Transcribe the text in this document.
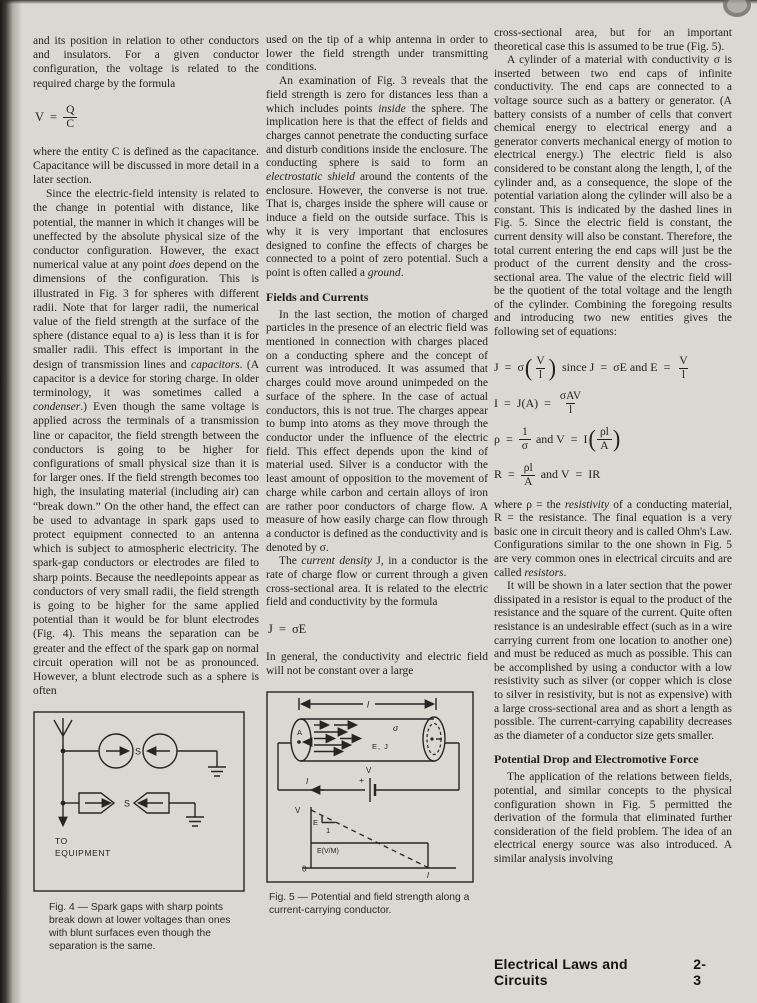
and its position in relation to other conductors and insulators. For a given conductor configuration, the voltage is related to the required charge by the formula

$V = \frac{Q}{C}$

where the entity C is defined as the capacitance. Capacitance will be discussed in more detail in a later section.

Since the electric-field intensity is related to the change in potential with distance, like potential, the manner in which it changes will be uneffected by the absolute physical size of the conductor configuration. However, the exact numerical value at any point does depend on the dimensions of the configuration. This is illustrated in Fig. 3 for spheres with different radii. Note that for larger radii, the numerical value of the field strength at the surface of the sphere (distance equal to a) is less than it is for smaller radii. This effect is important in the design of transmission lines and capacitors. (A capacitor is a device for storing charge. In older terminology, it was sometimes called a condenser.) Even though the same voltage is applied across the terminals of a transmission line or capacitor, the field strength between the conductors is going to be higher for configurations of small physical size than it is for larger ones. If the field strength becomes too high, the insulating material (including air) can “break down.” On the other hand, the effect can be used to advantage in spark gaps used to protect equipment connected to an antenna which is subject to atmospheric electricity. The spark-gap conductors or electrodes are filed to sharp points. Because the needlepoints appear as conductors of very small radii, the field strength is going to be higher for the same applied potential than it would be for blunt electrodes (Fig. 4). This means the separation can be greater and the effect of the spark gap on normal circuit operation will not be as pronounced. However, a blunt electrode such as a sphere is often

S
S
TO
EQUIPMENT
Fig. 4 — Spark gaps with sharp points break down at lower voltages than ones with blunt surfaces even though the separation is the same.

used on the tip of a whip antenna in order to lower the field strength under transmitting conditions.

An examination of Fig. 3 reveals that the field strength is zero for distances less than a which includes points inside the sphere. The implication here is that the effect of fields and charges cannot penetrate the conducting surface and disturb conditions inside the enclosure. The conducting sphere is said to form an electrostatic shield around the contents of the enclosure. However, the converse is not true. That is, charges inside the sphere will cause or induce a field on the outside surface. This is why it is very important that enclosures designed to confine the effects of charges be connected to a point of zero potential. Such a point is often called a ground.

Fields and Currents

In the last section, the motion of charged particles in the presence of an electric field was mentioned in connection with charges placed on a conducting sphere and the concept of current was introduced. It was assumed that charges could move around unimpeded on the surface of the sphere. In the case of actual conductors, this is not true. The charges appear to bump into atoms as they move through the conductor under the influence of the electric field. This effect depends upon the kind of material used. Silver is a conductor with the least amount of opposition to the movement of charge while carbon and certain alloys of iron are rather poor conductors of charge flow. A measure of how easily charge can flow through a conductor is defined as the conductivity and is denoted by σ.

The current density J, in a conductor is the rate of charge flow or current through a given cross-sectional area. It is related to the electric field and conductivity by the formula

J = σE

In general, the conductivity and electric field will not be constant over a large

l
A	σ
E, J
V
+
I
V
E
1
E(V/M)
0
l
Fig. 5 — Potential and field strength along a current-carrying conductor.

cross-sectional area, but for an important theoretical case this is assumed to be true (Fig. 5).

A cylinder of a material with conductivity σ is inserted between two end caps of infinite conductivity. The end caps are connected to a voltage source such as a battery or generator. (A battery consists of a number of cells that convert chemical energy to electrical energy and a generator converts mechanical energy of motion to electrical energy.) The electric field is also considered to be constant along the length, l, of the cylinder and, as a consequence, the slope of the potential variation along the cylinder will also be a constant. This is indicated by the dashed lines in Fig. 5. Since the electric field is constant, the current density will also be constant. Therefore, the total current entering the end caps will just be the product of the current density and the cross-sectional area. The value of the electric field will be the quotient of the total voltage and the length of the cylinder. Combining the foregoing results and introducing two new entities gives the following set of equations:

J = σ ( $\frac{V}{l}$ ) since J = σE and $E = \frac{V}{l}$
$I = J(A) = \frac{\text{σAV}}{l}$
$\rho = \frac{1}{\sigma}$ and V = I ( $\frac{\rho l}{A}$ )
$R = \frac{\rho l}{A}$ and V = IR

where ρ = the resistivity of a conducting material, R = the resistance. The final equation is a very basic one in circuit theory and is called Ohm's Law. Configurations similar to the one shown in Fig. 5 are very common ones in electrical circuits and are called resistors.

It will be shown in a later section that the power dissipated in a resistor is equal to the product of the resistance and the square of the current. Quite often resistance is an undesirable effect (such as in a wire carrying current from one location to another one) and must be reduced as much as possible. This can be accomplished by using a conductor with a low resistivity such as silver (or copper which is close to silver in resistivity, but is not as expensive) with a large cross-sectional area and as short a length as possible. The current-carrying capability decreases as the diameter of a conductor size gets smaller.

Potential Drop and Electromotive Force

The application of the relations between fields, potential, and similar concepts to the physical configuration shown in Fig. 5 permitted the derivation of the formula that eliminated further consideration of the field problem. The idea of an electrical energy source was also introduced. A similar analysis involving

Electrical Laws and Circuits
2-3
